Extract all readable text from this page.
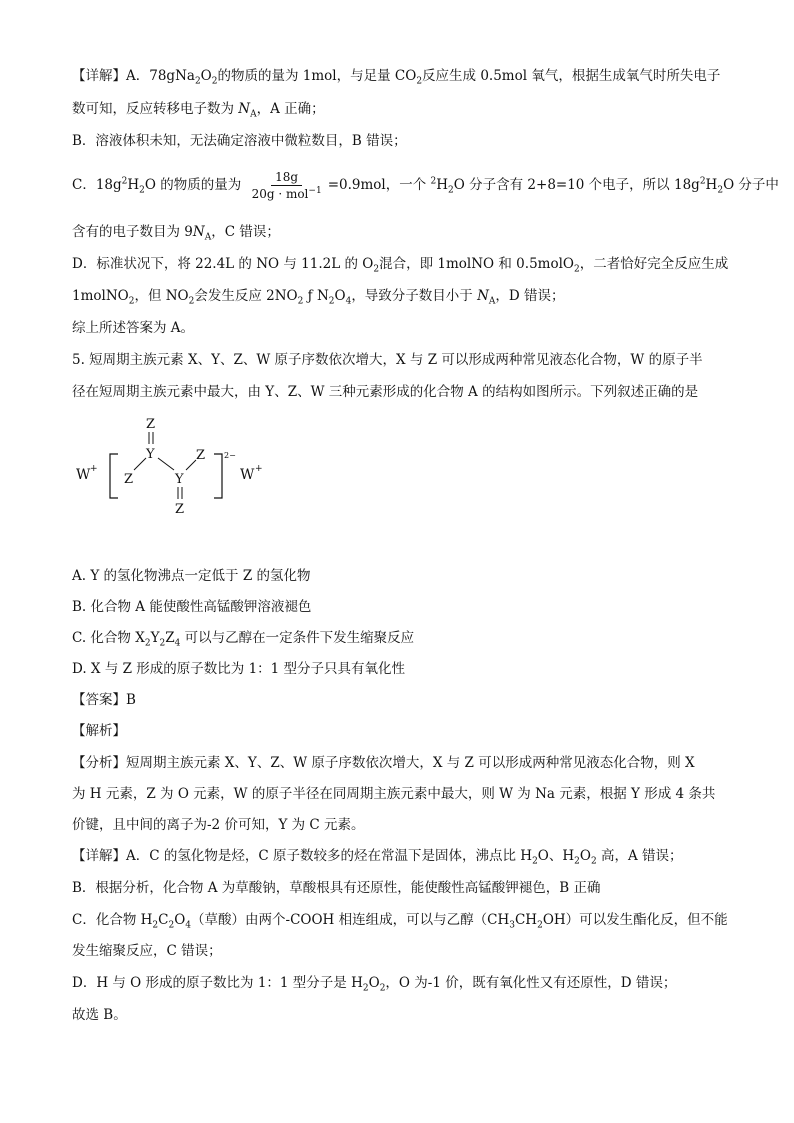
【详解】A．$78gNa_2O_2$的物质的量为 1mol，与足量 $CO_2$反应生成 0.5mol 氧气，根据生成氧气时所失电子
数可知，反应转移电子数为 $N_A$，A 正确；
B．溶液体积未知，无法确定溶液中微粒数目，B 错误；
C．$18g^2H_2O$ 的物质的量为 $\frac{18g}{20g \cdot mol^{-1}} =0.9mol$，一个 $^2H_2O$ 分子含有 2+8=10 个电子，所以 $18g^2H_2O$ 分子中
含有的电子数目为 $9N_A$，C 错误；
D．标准状况下，将 22.4L 的 NO 与 11.2L 的 $O_2$混合，即 1molNO 和 0.5molO$_2$，二者恰好完全反应生成
1molNO$_2$，但 $NO_2$会发生反应 $2NO_2$ ƒ $N_2O_4$，导致分子数目小于 $N_A$，D 错误；
综上所述答案为 A。
5. 短周期主族元素 X、Y、Z、W 原子序数依次增大，X 与 Z 可以形成两种常见液态化合物，W 的原子半
径在短周期主族元素中最大，由 Y、Z、W 三种元素形成的化合物 A 的结构如图所示。下列叙述正确的是
W +
Z
Y
Z	Y
Z
Z
2−
W +
A. Y 的氢化物沸点一定低于 Z 的氢化物
B. 化合物 A 能使酸性高锰酸钾溶液褪色
C. 化合物 $X_2Y_2Z_4$ 可以与乙醇在一定条件下发生缩聚反应
D. X 与 Z 形成的原子数比为 1：1 型分子只具有氧化性
【答案】B
【解析】
【分析】短周期主族元素 X、Y、Z、W 原子序数依次增大，X 与 Z 可以形成两种常见液态化合物，则 X
为 H 元素，Z 为 O 元素，W 的原子半径在同周期主族元素中最大，则 W 为 Na 元素，根据 Y 形成 4 条共
价键，且中间的离子为-2 价可知，Y 为 C 元素。
【详解】A．C 的氢化物是烃，C 原子数较多的烃在常温下是固体，沸点比 $H_2O$、$H_2O_2$ 高，A 错误；
B．根据分析，化合物 A 为草酸钠，草酸根具有还原性，能使酸性高锰酸钾褪色，B 正确
C．化合物 $H_2C_2O_4$（草酸）由两个-COOH 相连组成，可以与乙醇$(CH_3CH_2OH)$可以发生酯化反，但不能
发生缩聚反应，C 错误；
D．H 与 O 形成的原子数比为 1：1 型分子是 $H_2O_2$，O 为-1 价，既有氧化性又有还原性，D 错误；
故选 B。
